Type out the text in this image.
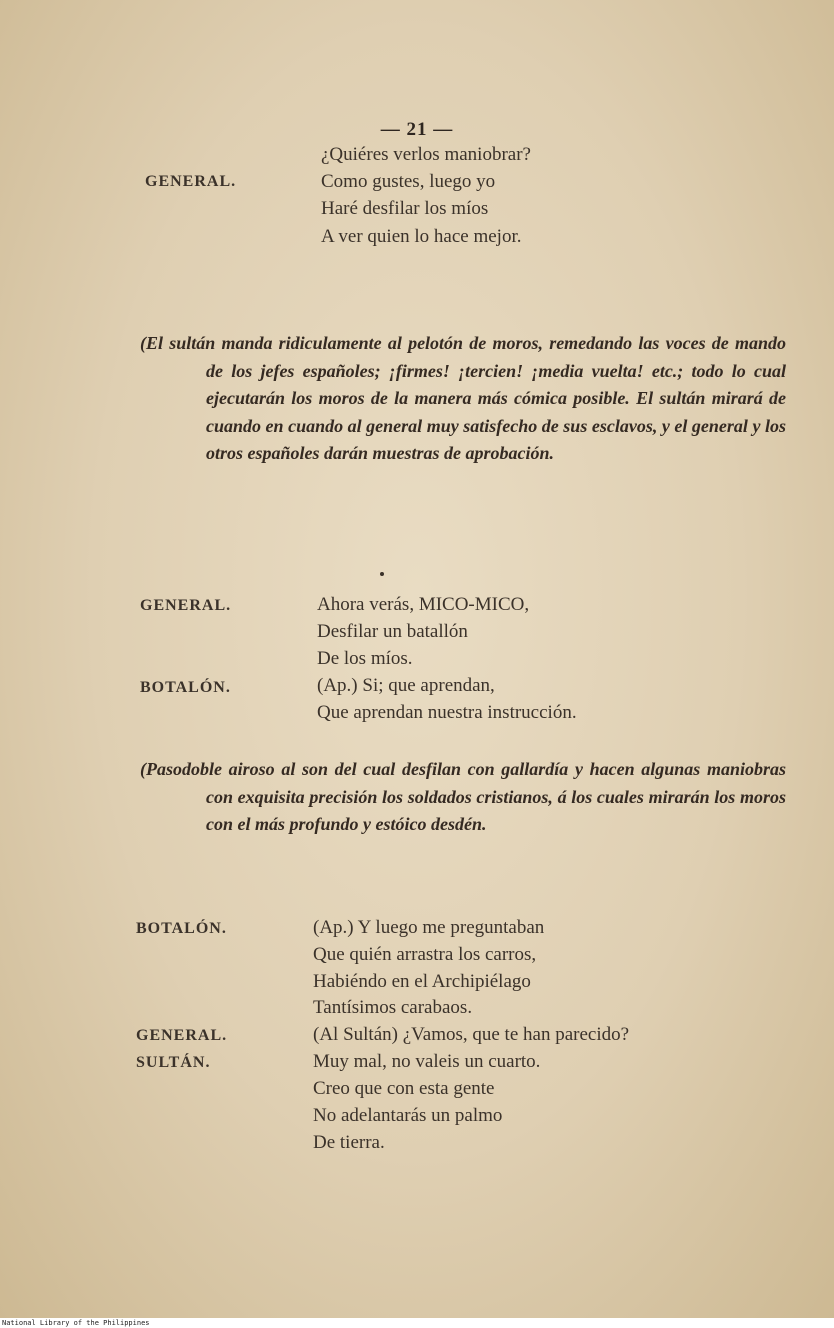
— 21 —
¿Quiéres verlos maniobrar?
GENERAL.	Como gustes, luego yo
Haré desfilar los míos
A ver quien lo hace mejor.

(El sultán manda ridiculamente al pelotón de moros, remedando las voces de mando de los jefes españoles; ¡firmes! ¡tercien! ¡media vuelta! etc.; todo lo cual ejecutarán los moros de la manera más cómica posible. El sultán mirará de cuando en cuando al general muy satisfecho de sus esclavos, y el general y los otros españoles darán muestras de aprobación.

GENERAL.	Ahora verás, MICO-MICO,
Desfilar un batallón
De los míos.
BOTALÓN.	(Ap.) Si; que aprendan,
Que aprendan nuestra instrucción.

(Pasodoble airoso al son del cual desfilan con gallardía y hacen algunas maniobras con exquisita precisión los soldados cristianos, á los cuales mirarán los moros con el más profundo y estóico desdén.

BOTALÓN.	(Ap.) Y luego me preguntaban
Que quién arrastra los carros,
Habiéndo en el Archipiélago
Tantísimos carabaos.
GENERAL.	(Al Sultán) ¿Vamos, que te han parecido?
SULTÁN.	Muy mal, no valeis un cuarto.
Creo que con esta gente
No adelantarás un palmo
De tierra.
National Library of the Philippines
